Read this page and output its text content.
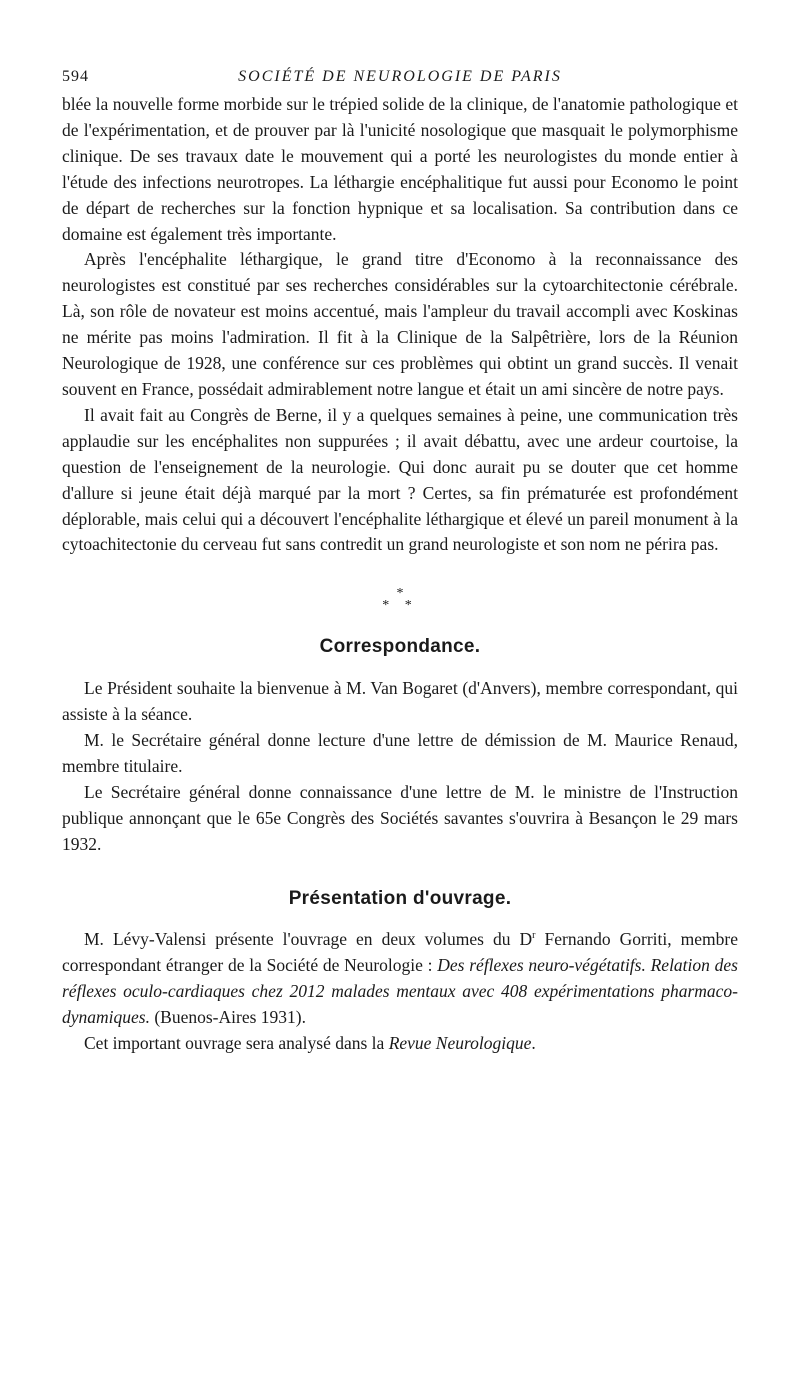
594	SOCIÉTÉ DE NEUROLOGIE DE PARIS

blée la nouvelle forme morbide sur le trépied solide de la clinique, de l'anatomie pathologique et de l'expérimentation, et de prouver par là l'unicité nosologique que masquait le polymorphisme clinique. De ses travaux date le mouvement qui a porté les neurologistes du monde entier à l'étude des infections neurotropes. La léthargie encéphalitique fut aussi pour Economo le point de départ de recherches sur la fonction hypnique et sa localisation. Sa contribution dans ce domaine est également très importante.

Après l'encéphalite léthargique, le grand titre d'Economo à la reconnaissance des neurologistes est constitué par ses recherches considérables sur la cytoarchitectonie cérébrale. Là, son rôle de novateur est moins accentué, mais l'ampleur du travail accompli avec Koskinas ne mérite pas moins l'admiration. Il fit à la Clinique de la Salpêtrière, lors de la Réunion Neurologique de 1928, une conférence sur ces problèmes qui obtint un grand succès. Il venait souvent en France, possédait admirablement notre langue et était un ami sincère de notre pays.

Il avait fait au Congrès de Berne, il y a quelques semaines à peine, une communication très applaudie sur les encéphalites non suppurées ; il avait débattu, avec une ardeur courtoise, la question de l'enseignement de la neurologie. Qui donc aurait pu se douter que cet homme d'allure si jeune était déjà marqué par la mort ? Certes, sa fin prématurée est profondément déplorable, mais celui qui a découvert l'encéphalite léthargique et élevé un pareil monument à la cytoachitectonie du cerveau fut sans contredit un grand neurologiste et son nom ne périra pas.

*
* *
Correspondance.

Le Président souhaite la bienvenue à M. Van Bogaret (d'Anvers), membre correspondant, qui assiste à la séance.

M. le Secrétaire général donne lecture d'une lettre de démission de M. Maurice Renaud, membre titulaire.

Le Secrétaire général donne connaissance d'une lettre de M. le ministre de l'Instruction publique annonçant que le 65e Congrès des Sociétés savantes s'ouvrira à Besançon le 29 mars 1932.

Présentation d'ouvrage.

M. Lévy-Valensi présente l'ouvrage en deux volumes du $D^r$ Fernando Gorriti, membre correspondant étranger de la Société de Neurologie : Des réflexes neuro-végétatifs. Relation des réflexes oculo-cardiaques chez 2012 malades mentaux avec 408 expérimentations pharmaco-dynamiques. (Buenos-Aires 1931).

Cet important ouvrage sera analysé dans la Revue Neurologique.
